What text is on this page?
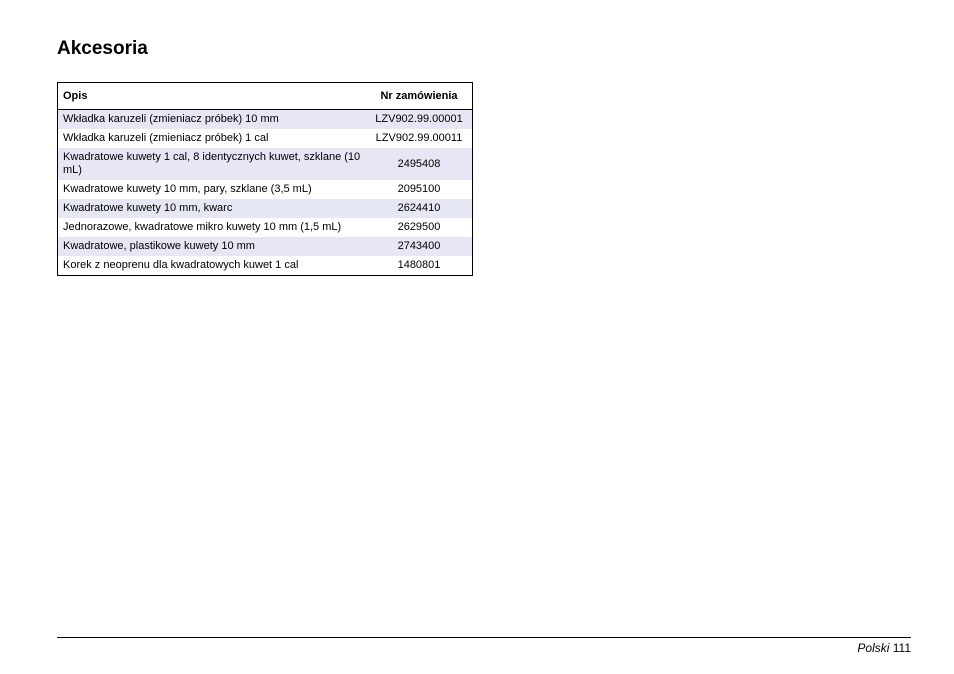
Akcesoria
Opis	Nr zamówienia
Wkładka karuzeli (zmieniacz próbek) 10 mm	LZV902.99.00001
Wkładka karuzeli (zmieniacz próbek) 1 cal	LZV902.99.00011
Kwadratowe kuwety 1 cal, 8 identycznych kuwet, szklane (10 mL)	2495408
Kwadratowe kuwety 10 mm, pary, szklane (3,5 mL)	2095100
Kwadratowe kuwety 10 mm, kwarc	2624410
Jednorazowe, kwadratowe mikro kuwety 10 mm (1,5 mL)	2629500
Kwadratowe, plastikowe kuwety 10 mm	2743400
Korek z neoprenu dla kwadratowych kuwet 1 cal	1480801
Polski 111
